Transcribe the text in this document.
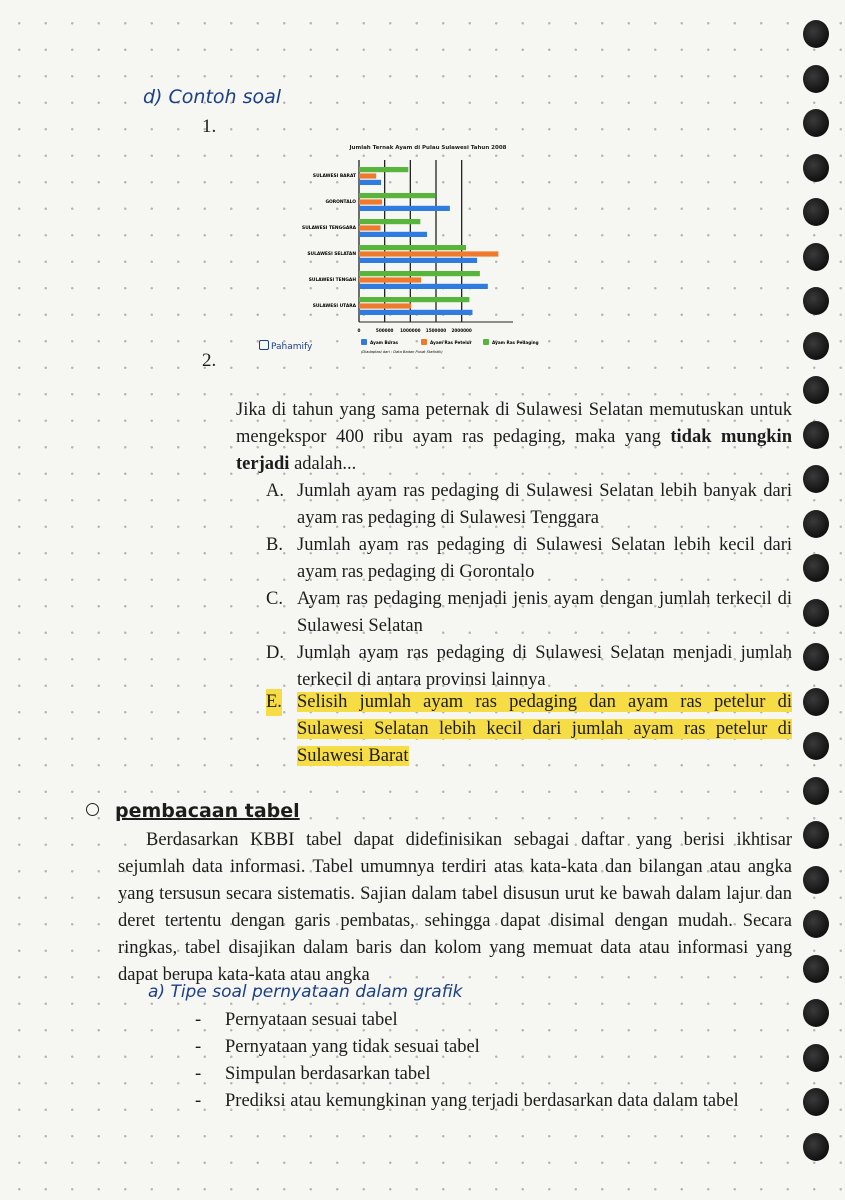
d) Contoh soal
1.
Jumlah Ternak Ayam di Pulau Sulawesi Tahun 2008
0	500000 1000000 1500000 2000000
SULAWESI BARAT
GORONTALO
SULAWESI TENGGARA
SULAWESI SELATAN
SULAWESI TENGAH
SULAWESI UTARA
Ayam Buras	Ayam Ras Petelur	Ayam Ras Pedaging
(Diadaptasi dari : Data Badan Pusat Statistik)
Pahamify
2.
Jika di tahun yang sama peternak di Sulawesi Selatan memutuskan untuk mengekspor 400 ribu ayam ras pedaging, maka yang tidak mungkin terjadi adalah...
A. Jumlah ayam ras pedaging di Sulawesi Selatan lebih banyak dari ayam ras pedaging di Sulawesi Tenggara
B. Jumlah ayam ras pedaging di Sulawesi Selatan lebih kecil dari ayam ras pedaging di Gorontalo
C. Ayam ras pedaging menjadi jenis ayam dengan jumlah terkecil di Sulawesi Selatan
D. Jumlah ayam ras pedaging di Sulawesi Selatan menjadi jumlah terkecil di antara provinsi lainnya
E. Selisih jumlah ayam ras pedaging dan ayam ras petelur di Sulawesi Selatan lebih kecil dari jumlah ayam ras petelur di Sulawesi Barat
pembacaan tabel
Berdasarkan KBBI tabel dapat didefinisikan sebagai daftar yang berisi ikhtisar sejumlah data informasi. Tabel umumnya terdiri atas kata-kata dan bilangan atau angka yang tersusun secara sistematis. Sajian dalam tabel disusun urut ke bawah dalam lajur dan deret tertentu dengan garis pembatas, sehingga dapat disimal dengan mudah. Secara ringkas, tabel disajikan dalam baris dan kolom yang memuat data atau informasi yang dapat berupa kata-kata atau angka
a) Tipe soal pernyataan dalam grafik
- Pernyataan sesuai tabel
- Pernyataan yang tidak sesuai tabel
- Simpulan berdasarkan tabel
- Prediksi atau kemungkinan yang terjadi berdasarkan data dalam tabel
